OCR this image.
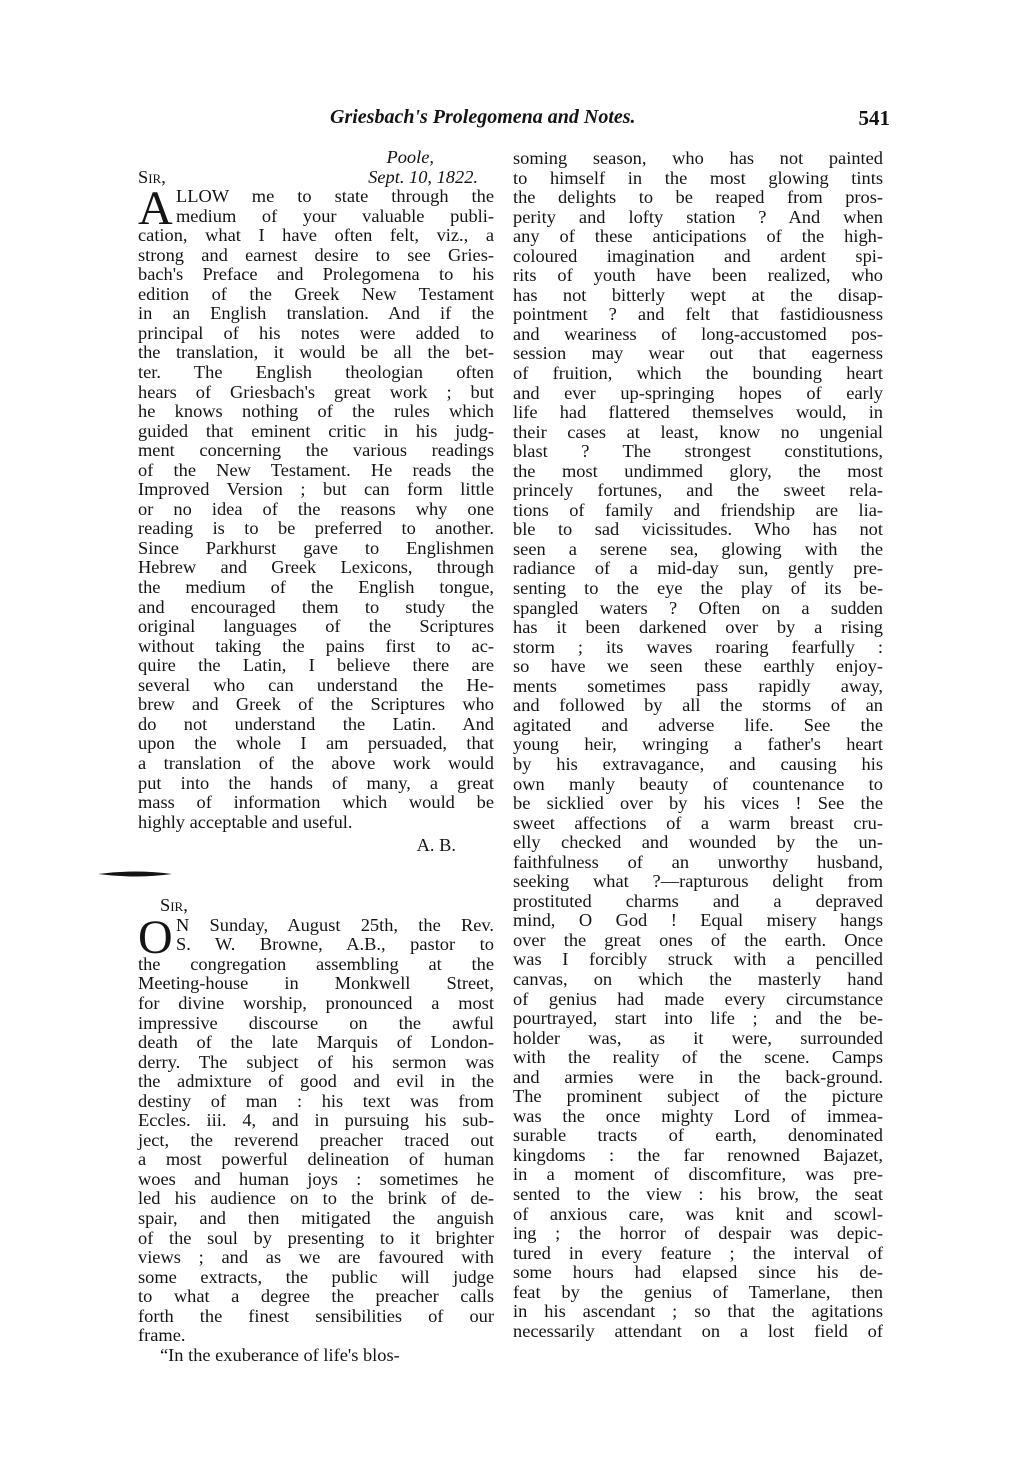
Griesbach's Prolegomena and Notes.	541
Poole,
Sir,	Sept. 10, 1822.
A LLOW me to state through the
medium of your valuable publi-
cation, what I have often felt, viz., a
strong and earnest desire to see Gries-
bach's Preface and Prolegomena to his
edition of the Greek New Testament
in an English translation. And if the
principal of his notes were added to
the translation, it would be all the bet-
ter. The English theologian often
hears of Griesbach's great work ; but
he knows nothing of the rules which
guided that eminent critic in his judg-
ment concerning the various readings
of the New Testament. He reads the
Improved Version ; but can form little
or no idea of the reasons why one
reading is to be preferred to another.
Since Parkhurst gave to Englishmen
Hebrew and Greek Lexicons, through
the medium of the English tongue,
and encouraged them to study the
original languages of the Scriptures
without taking the pains first to ac-
quire the Latin, I believe there are
several who can understand the He-
brew and Greek of the Scriptures who
do not understand the Latin. And
upon the whole I am persuaded, that
a translation of the above work would
put into the hands of many, a great
mass of information which would be
highly acceptable and useful.
A. B.
Sir,
O N Sunday, August 25th, the Rev.
S. W. Browne, A.B., pastor to
the congregation assembling at the
Meeting-house in Monkwell Street,
for divine worship, pronounced a most
impressive discourse on the awful
death of the late Marquis of London-
derry. The subject of his sermon was
the admixture of good and evil in the
destiny of man : his text was from
Eccles. iii. 4, and in pursuing his sub-
ject, the reverend preacher traced out
a most powerful delineation of human
woes and human joys : sometimes he
led his audience on to the brink of de-
spair, and then mitigated the anguish
of the soul by presenting to it brighter
views ; and as we are favoured with
some extracts, the public will judge
to what a degree the preacher calls
forth the finest sensibilities of our
frame.
“In the exuberance of life's blos-
soming season, who has not painted
to himself in the most glowing tints
the delights to be reaped from pros-
perity and lofty station ? And when
any of these anticipations of the high-
coloured imagination and ardent spi-
rits of youth have been realized, who
has not bitterly wept at the disap-
pointment ? and felt that fastidiousness
and weariness of long-accustomed pos-
session may wear out that eagerness
of fruition, which the bounding heart
and ever up-springing hopes of early
life had flattered themselves would, in
their cases at least, know no ungenial
blast ? The strongest constitutions,
the most undimmed glory, the most
princely fortunes, and the sweet rela-
tions of family and friendship are lia-
ble to sad vicissitudes. Who has not
seen a serene sea, glowing with the
radiance of a mid-day sun, gently pre-
senting to the eye the play of its be-
spangled waters ? Often on a sudden
has it been darkened over by a rising
storm ; its waves roaring fearfully :
so have we seen these earthly enjoy-
ments sometimes pass rapidly away,
and followed by all the storms of an
agitated and adverse life. See the
young heir, wringing a father's heart
by his extravagance, and causing his
own manly beauty of countenance to
be sicklied over by his vices ! See the
sweet affections of a warm breast cru-
elly checked and wounded by the un-
faithfulness of an unworthy husband,
seeking what ?—rapturous delight from
prostituted charms and a depraved
mind, O God ! Equal misery hangs
over the great ones of the earth. Once
was I forcibly struck with a pencilled
canvas, on which the masterly hand
of genius had made every circumstance
pourtrayed, start into life ; and the be-
holder was, as it were, surrounded
with the reality of the scene. Camps
and armies were in the back-ground.
The prominent subject of the picture
was the once mighty Lord of immea-
surable tracts of earth, denominated
kingdoms : the far renowned Bajazet,
in a moment of discomfiture, was pre-
sented to the view : his brow, the seat
of anxious care, was knit and scowl-
ing ; the horror of despair was depic-
tured in every feature ; the interval of
some hours had elapsed since his de-
feat by the genius of Tamerlane, then
in his ascendant ; so that the agitations
necessarily attendant on a lost field of
